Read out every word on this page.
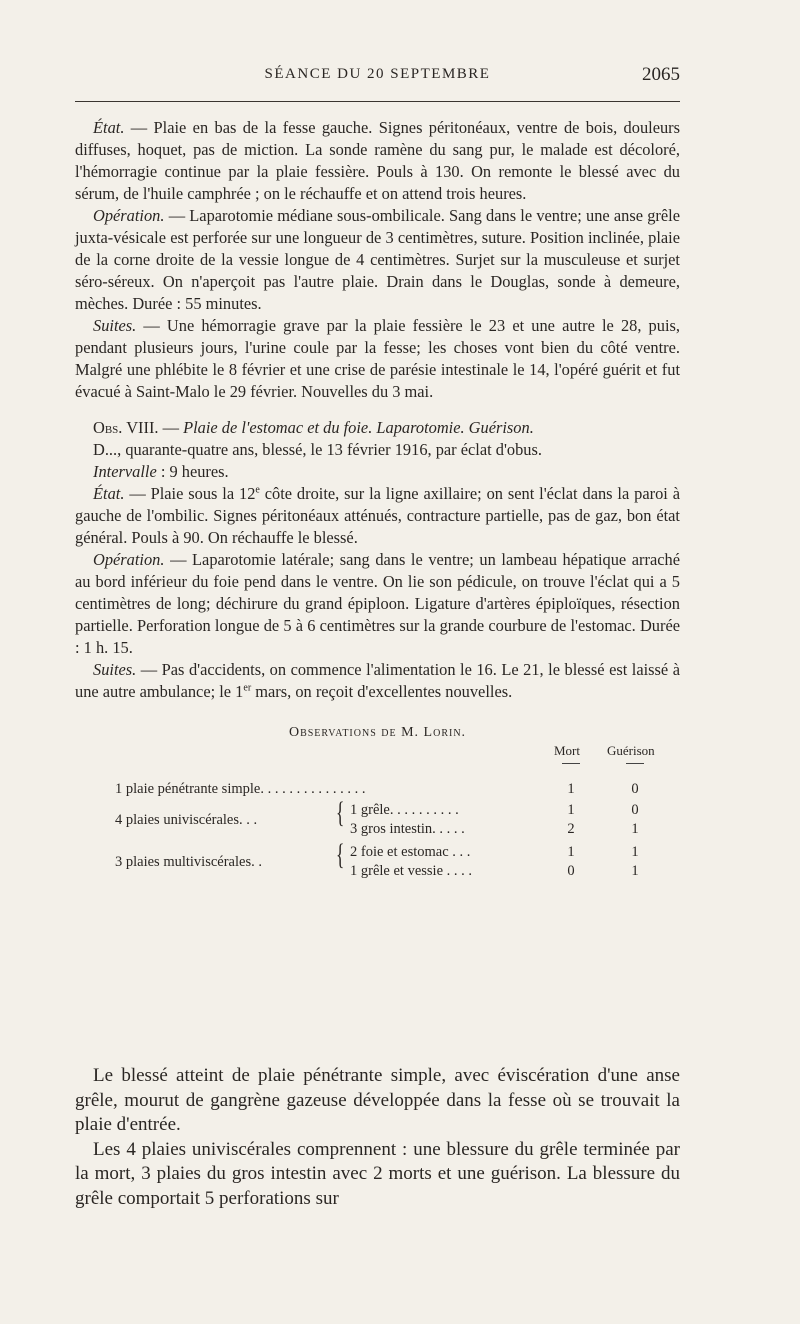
SÉANCE DU 20 SEPTEMBRE	2065

État. — Plaie en bas de la fesse gauche. Signes péritonéaux, ventre de bois, douleurs diffuses, hoquet, pas de miction. La sonde ramène du sang pur, le malade est décoloré, l'hémorragie continue par la plaie fessière. Pouls à 130. On remonte le blessé avec du sérum, de l'huile camphrée ; on le réchauffe et on attend trois heures.

Opération. — Laparotomie médiane sous-ombilicale. Sang dans le ventre; une anse grêle juxta-vésicale est perforée sur une longueur de 3 centimètres, suture. Position inclinée, plaie de la corne droite de la vessie longue de 4 centimètres. Surjet sur la musculeuse et surjet séro-séreux. On n'aperçoit pas l'autre plaie. Drain dans le Douglas, sonde à demeure, mèches. Durée : 55 minutes.

Suites. — Une hémorragie grave par la plaie fessière le 23 et une autre le 28, puis, pendant plusieurs jours, l'urine coule par la fesse; les choses vont bien du côté ventre. Malgré une phlébite le 8 février et une crise de parésie intestinale le 14, l'opéré guérit et fut évacué à Saint-Malo le 29 février. Nouvelles du 3 mai.

Obs. VIII. — Plaie de l'estomac et du foie. Laparotomie. Guérison.

D..., quarante-quatre ans, blessé, le 13 février 1916, par éclat d'obus.

Intervalle : 9 heures.

État. — Plaie sous la 12e côte droite, sur la ligne axillaire; on sent l'éclat dans la paroi à gauche de l'ombilic. Signes péritonéaux atténués, contracture partielle, pas de gaz, bon état général. Pouls à 90. On réchauffe le blessé.

Opération. — Laparotomie latérale; sang dans le ventre; un lambeau hépatique arraché au bord inférieur du foie pend dans le ventre. On lie son pédicule, on trouve l'éclat qui a 5 centimètres de long; déchirure du grand épiploon. Ligature d'artères épiploïques, résection partielle. Perforation longue de 5 à 6 centimètres sur la grande courbure de l'estomac. Durée : 1 h. 15.

Suites. — Pas d'accidents, on commence l'alimentation le 16. Le 21, le blessé est laissé à une autre ambulance; le 1er mars, on reçoit d'excellentes nouvelles.

Observations de M. Lorin.
Mort Guérison
1 plaie pénétrante simple. . . . . . . . . . . . . . .	1	0
4 plaies univiscérales. . .	{ 1 grêle. . . . . . . . . .	1	0
3 gros intestin. . . . .	2	1
3 plaies multiviscérales. . { 2 foie et estomac . . .	1	1
1 grêle et vessie . . . .	0	1

Le blessé atteint de plaie pénétrante simple, avec éviscération d'une anse grêle, mourut de gangrène gazeuse développée dans la fesse où se trouvait la plaie d'entrée.

Les 4 plaies univiscérales comprennent : une blessure du grêle terminée par la mort, 3 plaies du gros intestin avec 2 morts et une guérison. La blessure du grêle comportait 5 perforations sur
